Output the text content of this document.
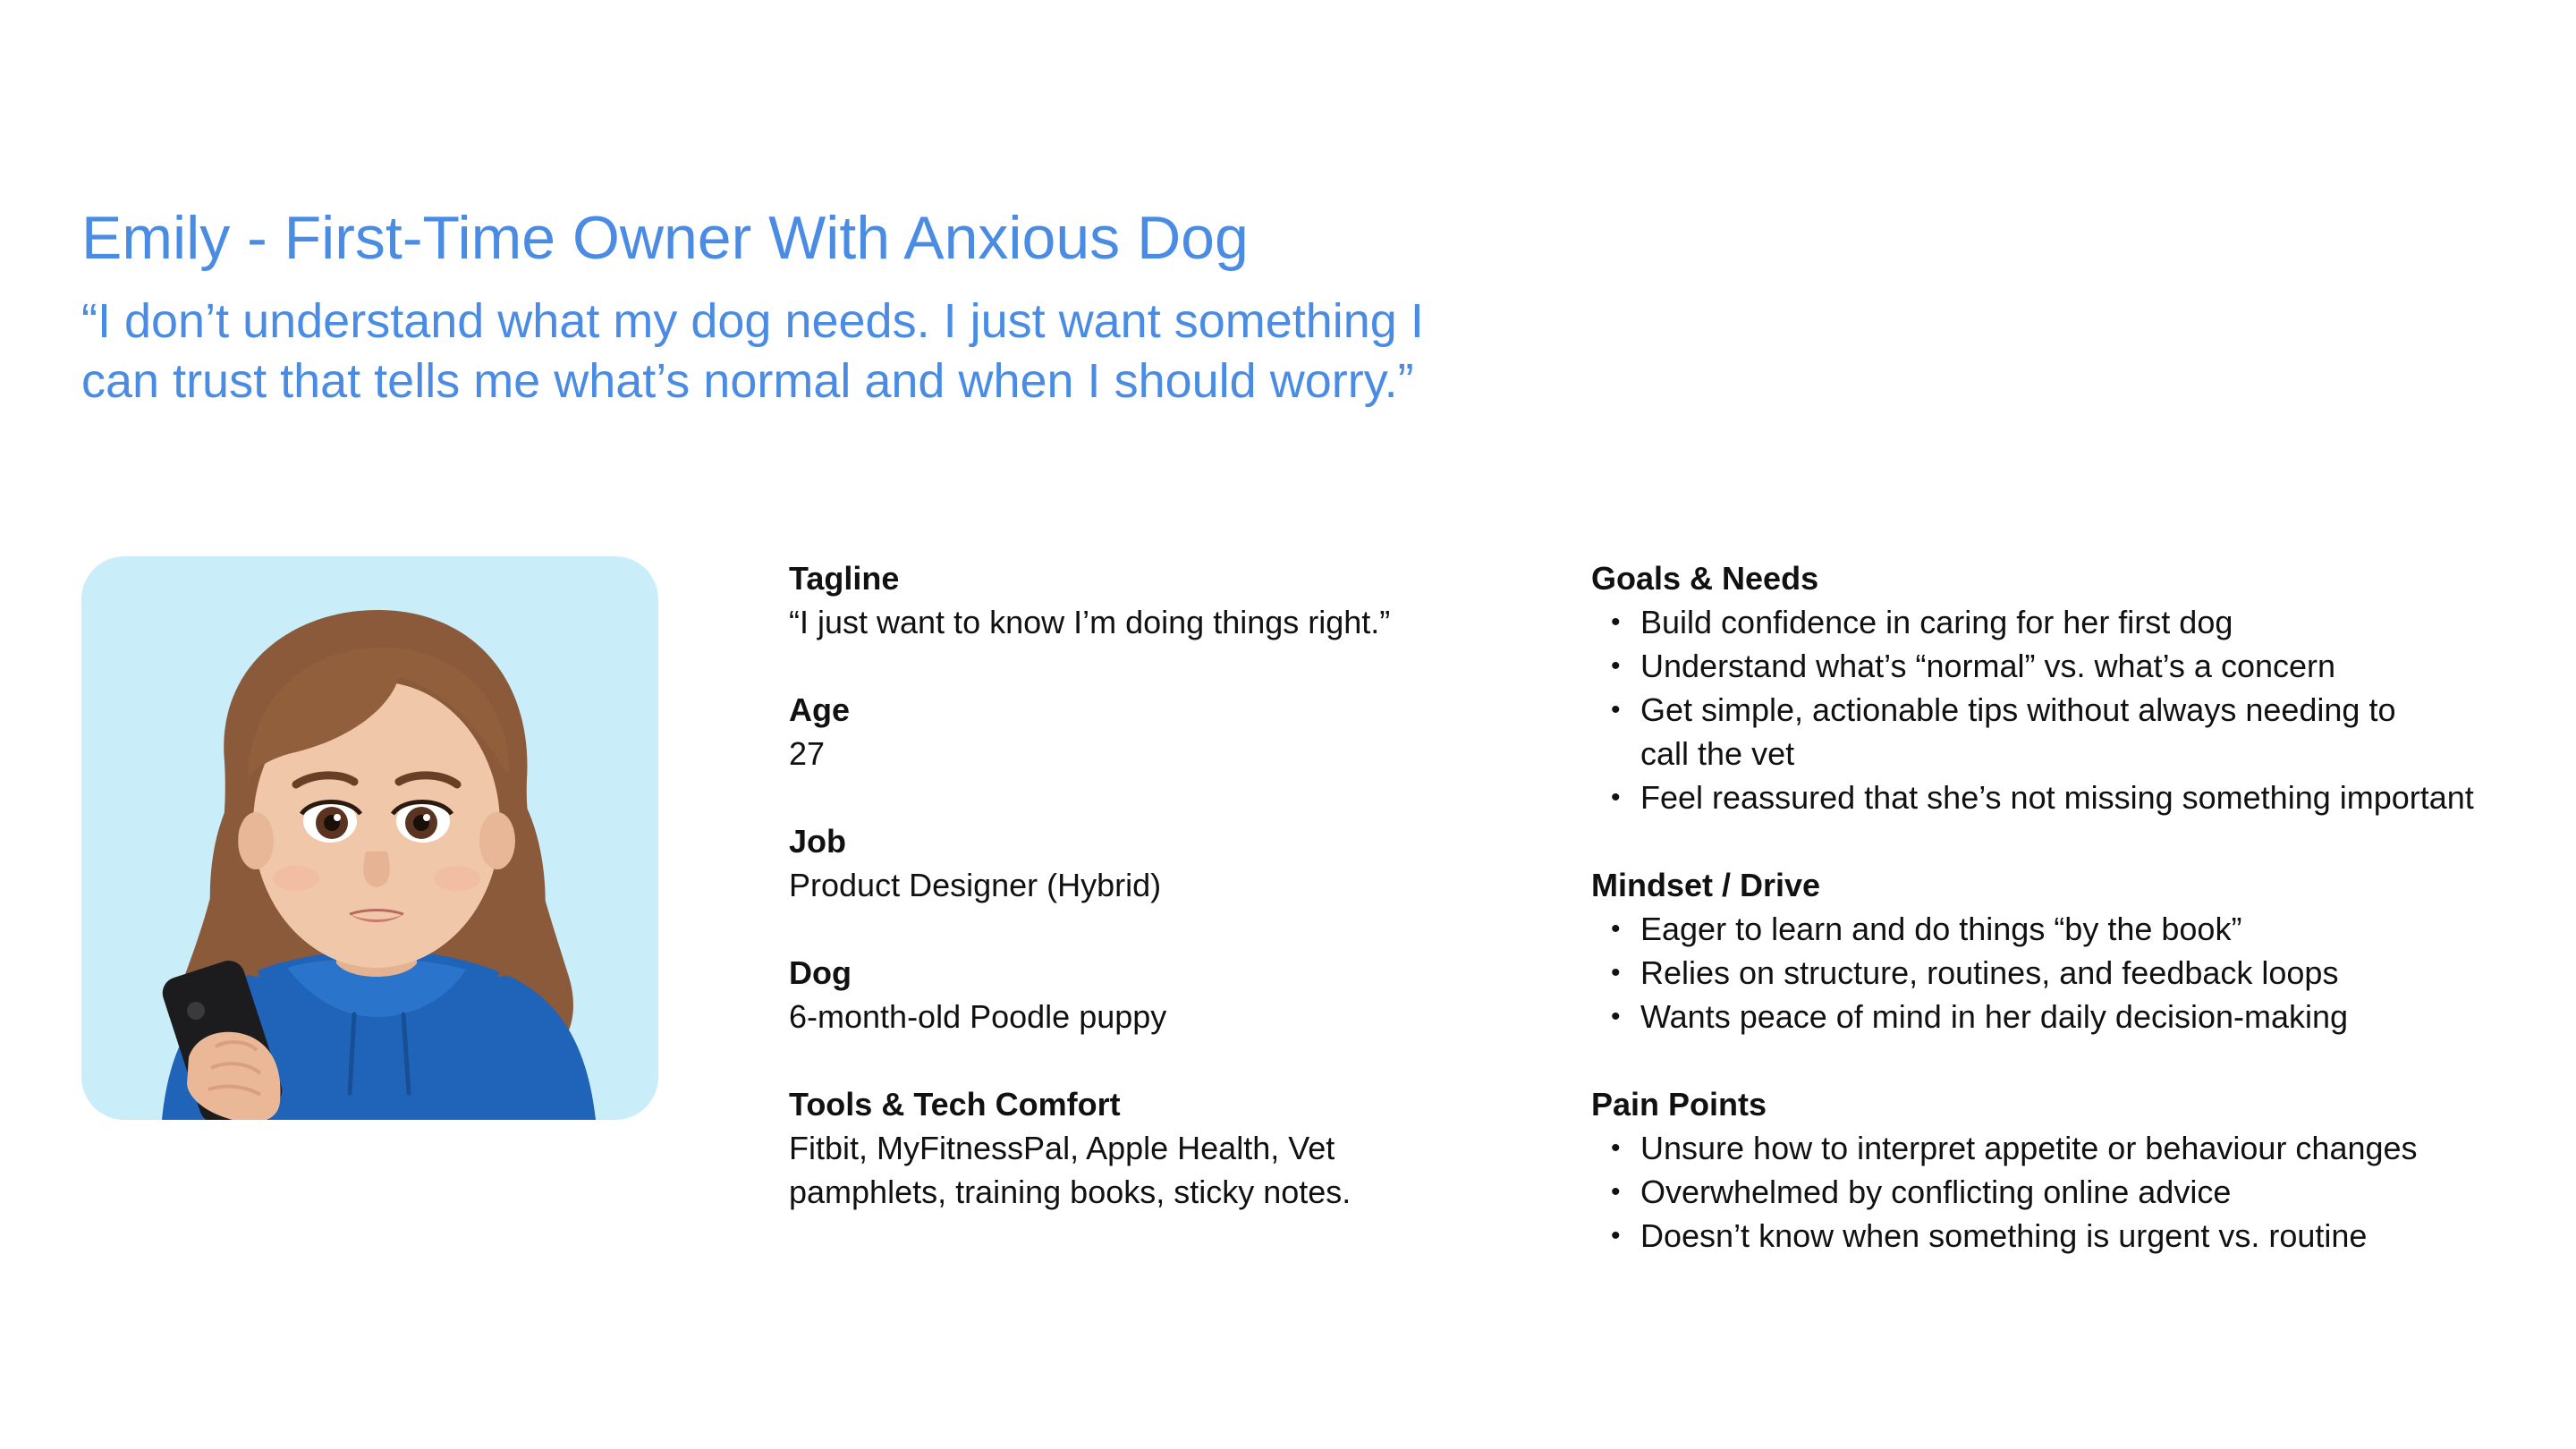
Emily - First-Time Owner With Anxious Dog

“I don’t understand what my dog needs. I just want something I can trust that tells me what’s normal and when I should worry.”

Tagline

“I just want to know I’m doing things right.”

Age

27

Job

Product Designer (Hybrid)

Dog

6-month-old Poodle puppy

Tools & Tech Comfort

Fitbit, MyFitnessPal, Apple Health, Vet pamphlets, training books, sticky notes.

Goals & Needs

• Build confidence in caring for her first dog
• Understand what’s “normal” vs. what’s a concern
• Get simple, actionable tips without always needing to call the vet
• Feel reassured that she’s not missing something important

Mindset / Drive

• Eager to learn and do things “by the book”
• Relies on structure, routines, and feedback loops
• Wants peace of mind in her daily decision-making

Pain Points

• Unsure how to interpret appetite or behaviour changes
• Overwhelmed by conflicting online advice
• Doesn’t know when something is urgent vs. routine
